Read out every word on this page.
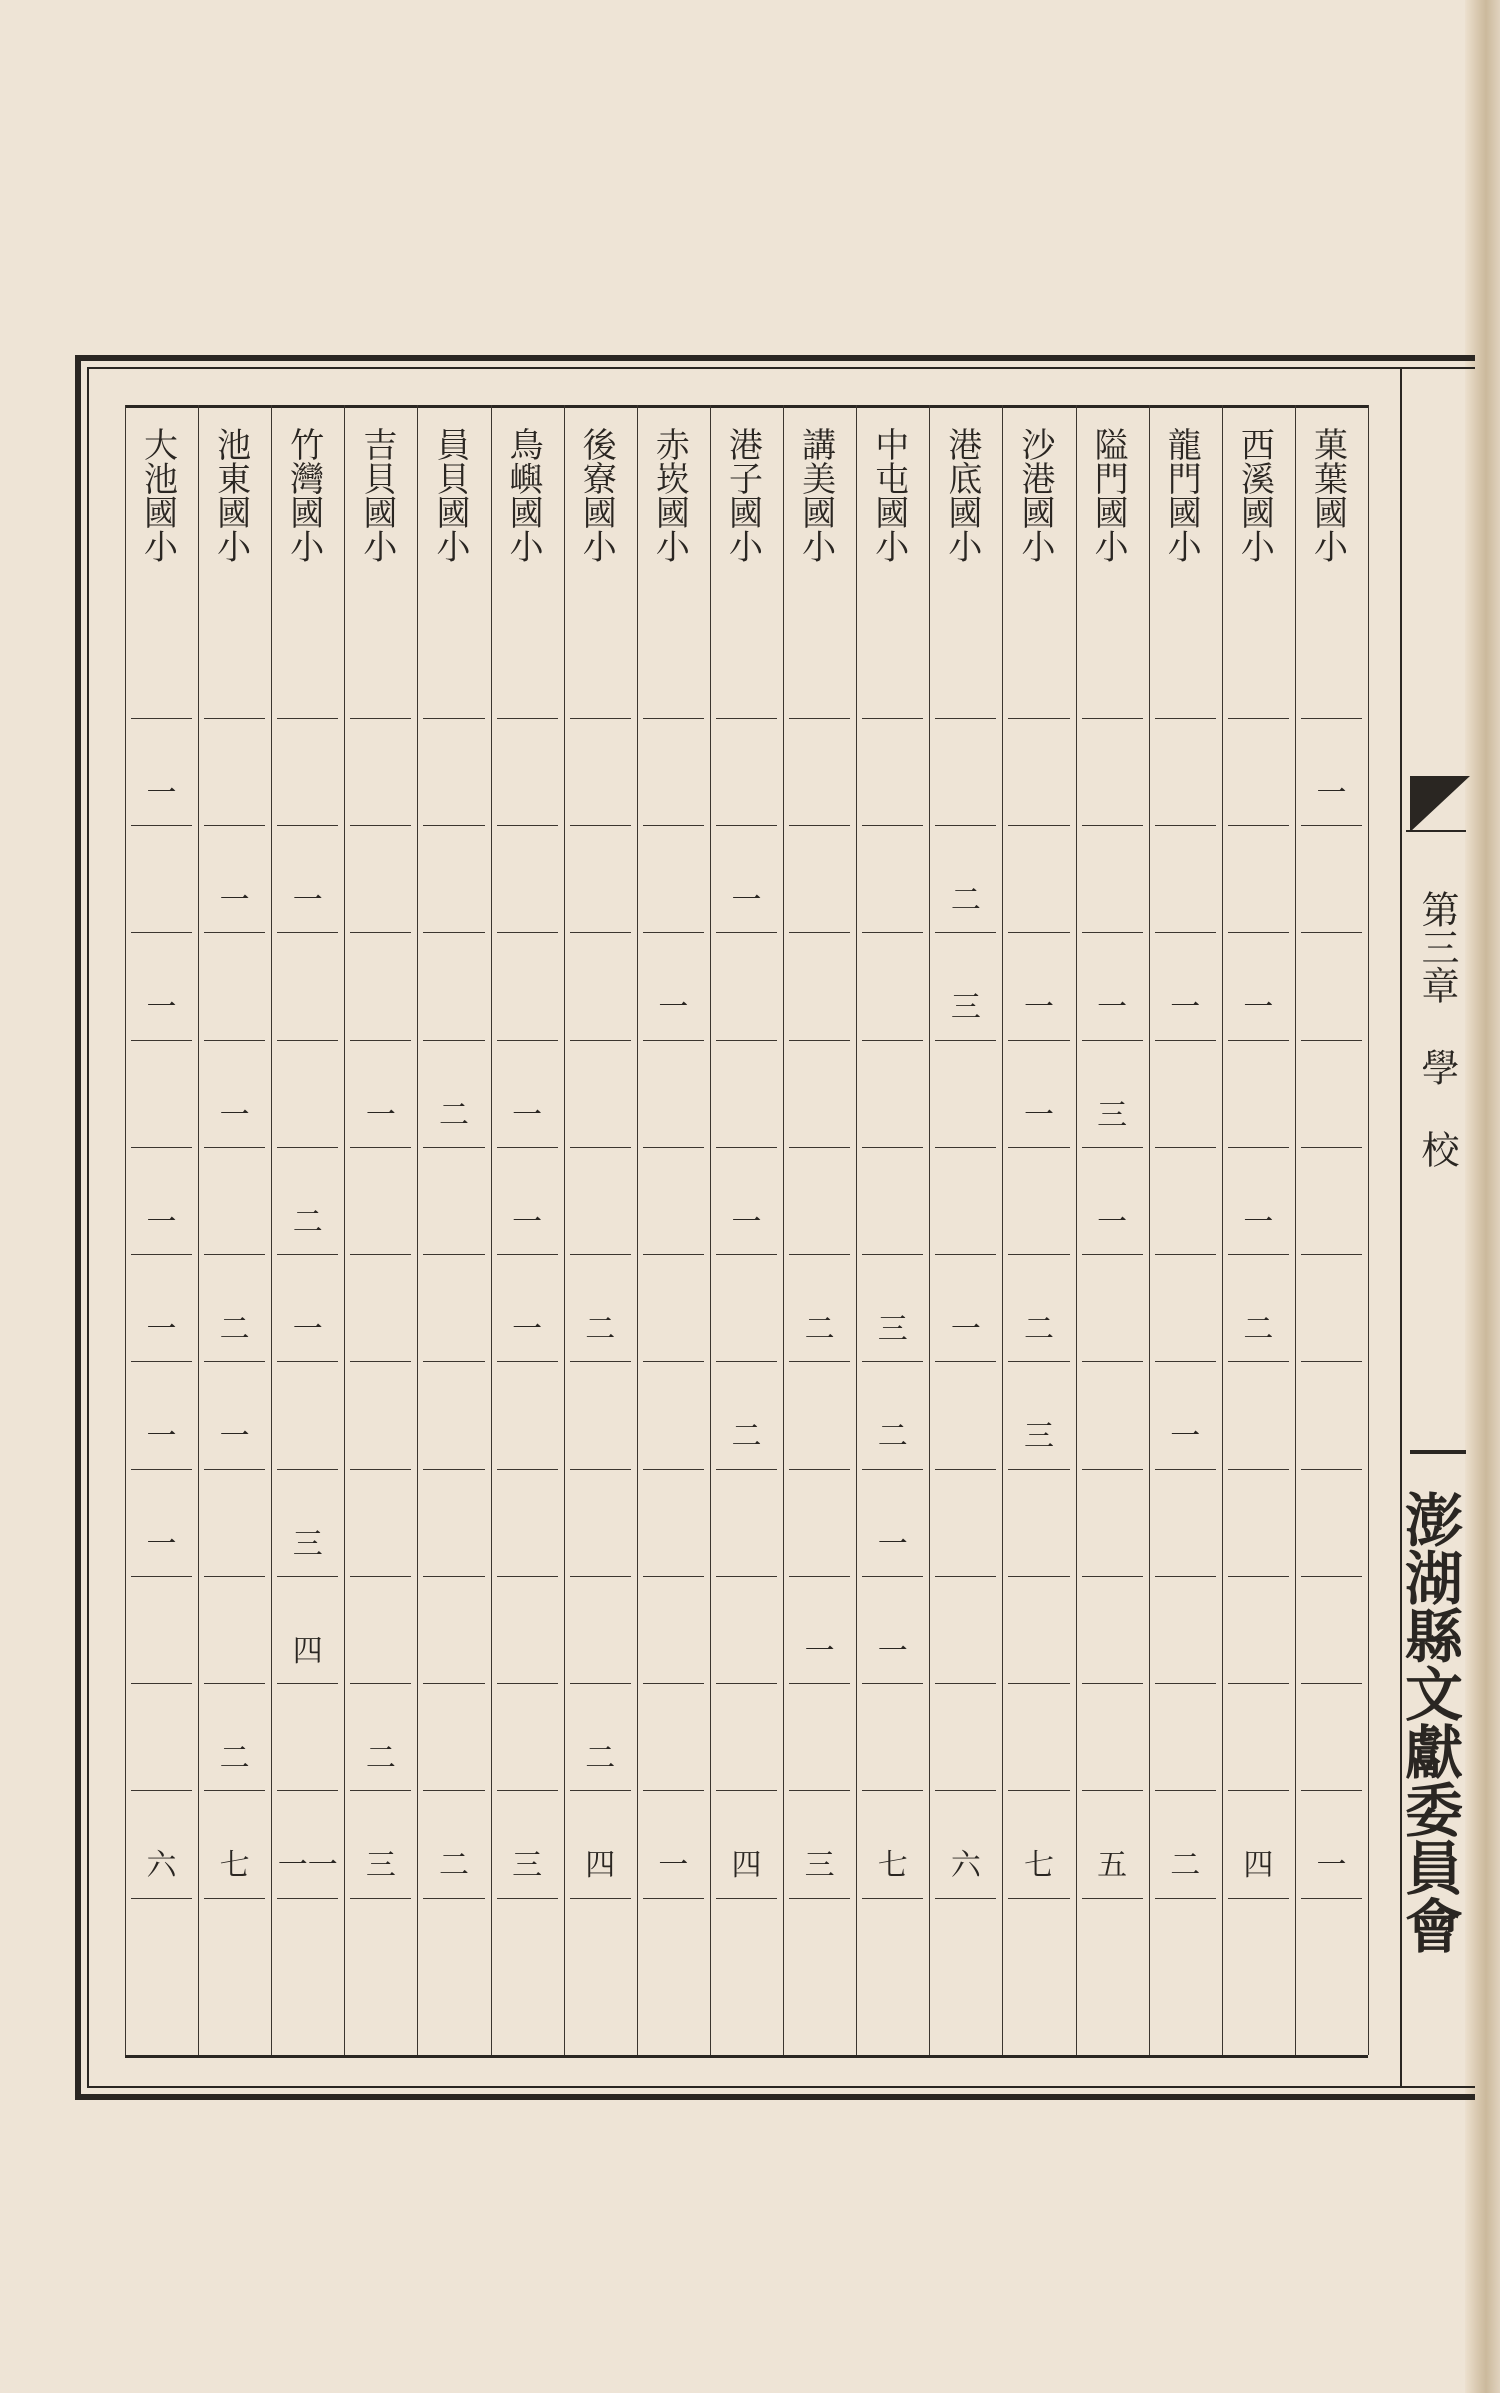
菓葉國小
一
一
西溪國小
一
一
二
四
龍門國小
一
一
二
隘門國小
一
三
一
五
沙港國小
一
一
二
三
七
港底國小
二
三
一
六
中屯國小
三
二
一
一
七
講美國小
二
一
三
港子國小
一
一
二
四
赤崁國小
一
一
後寮國小
二
二
四
鳥嶼國小
一
一
一
三
員貝國小
二
二
吉貝國小
一
二
三
竹灣國小
一
二
一
三
四
一一
池東國小
一
一
二
一
二
七
大池國小
一
一
一
一
一
一
六
第三章 學 校
澎湖縣文獻委員會
